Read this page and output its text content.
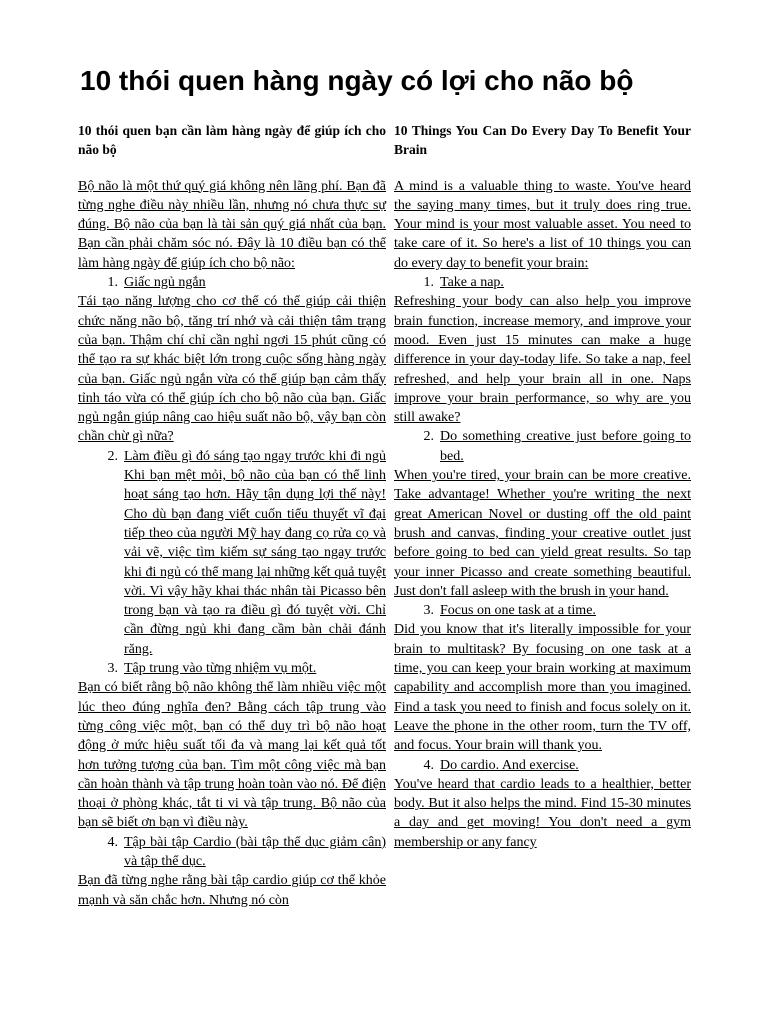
10 thói quen hàng ngày có lợi cho não bộ
10 thói quen bạn cần làm hàng ngày để giúp ích cho não bộ

Bộ não là một thứ quý giá không nên lãng phí. Bạn đã từng nghe điều này nhiều lần, nhưng nó chưa thực sự đúng. Bộ não của bạn là tài sản quý giá nhất của bạn. Bạn cần phải chăm sóc nó. Đây là 10 điều bạn có thể làm hàng ngày để giúp ích cho bộ não:

1. Giấc ngủ ngắn

Tái tạo năng lượng cho cơ thể có thể giúp cải thiện chức năng não bộ, tăng trí nhớ và cải thiện tâm trạng của bạn. Thậm chí chỉ cần nghỉ ngơi 15 phút cũng có thể tạo ra sự khác biệt lớn trong cuộc sống hàng ngày của bạn. Giấc ngủ ngắn vừa có thể giúp bạn cảm thấy tỉnh táo vừa có thể giúp ích cho bộ não của bạn. Giấc ngủ ngắn giúp nâng cao hiệu suất não bộ, vậy bạn còn chần chừ gì nữa?

2. Làm điều gì đó sáng tạo ngay trước khi đi ngủ Khi bạn mệt mỏi, bộ não của bạn có thể linh hoạt sáng tạo hơn. Hãy tận dụng lợi thế này! Cho dù bạn đang viết cuốn tiểu thuyết vĩ đại tiếp theo của người Mỹ hay đang cọ rửa cọ và vải vẽ, việc tìm kiếm sự sáng tạo ngay trước khi đi ngủ có thể mang lại những kết quả tuyệt vời. Vì vậy hãy khai thác nhân tài Picasso bên trong bạn và tạo ra điều gì đó tuyệt vời. Chỉ cần đừng ngủ khi đang cầm bàn chải đánh răng.
3. Tập trung vào từng nhiệm vụ một.

Bạn có biết rằng bộ não không thể làm nhiều việc một lúc theo đúng nghĩa đen? Bằng cách tập trung vào từng công việc một, bạn có thể duy trì bộ não hoạt động ở mức hiệu suất tối đa và mang lại kết quả tốt hơn tưởng tượng của bạn. Tìm một công việc mà bạn cần hoàn thành và tập trung hoàn toàn vào nó. Để điện thoại ở phòng khác, tắt ti vi và tập trung. Bộ não của bạn sẽ biết ơn bạn vì điều này.

4. Tập bài tập Cardio (bài tập thể dục giảm cân) và tập thể dục.

Bạn đã từng nghe rằng bài tập cardio giúp cơ thể khỏe mạnh và săn chắc hơn. Nhưng nó còn

10 Things You Can Do Every Day To Benefit Your Brain

A mind is a valuable thing to waste. You've heard the saying many times, but it truly does ring true. Your mind is your most valuable asset. You need to take care of it. So here's a list of 10 things you can do every day to benefit your brain:

1. Take a nap.

Refreshing your body can also help you improve brain function, increase memory, and improve your mood. Even just 15 minutes can make a huge difference in your day-today life. So take a nap, feel refreshed, and help your brain all in one. Naps improve your brain performance, so why are you still awake?

2. Do something creative just before going to bed.

When you're tired, your brain can be more creative. Take advantage! Whether you're writing the next great American Novel or dusting off the old paint brush and canvas, finding your creative outlet just before going to bed can yield great results. So tap your inner Picasso and create something beautiful. Just don't fall asleep with the brush in your hand.

3. Focus on one task at a time.

Did you know that it's literally impossible for your brain to multitask? By focusing on one task at a time, you can keep your brain working at maximum capability and accomplish more than you imagined. Find a task you need to finish and focus solely on it. Leave the phone in the other room, turn the TV off, and focus. Your brain will thank you.

4. Do cardio. And exercise.

You've heard that cardio leads to a healthier, better body. But it also helps the mind. Find 15-30 minutes a day and get moving! You don't need a gym membership or any fancy
